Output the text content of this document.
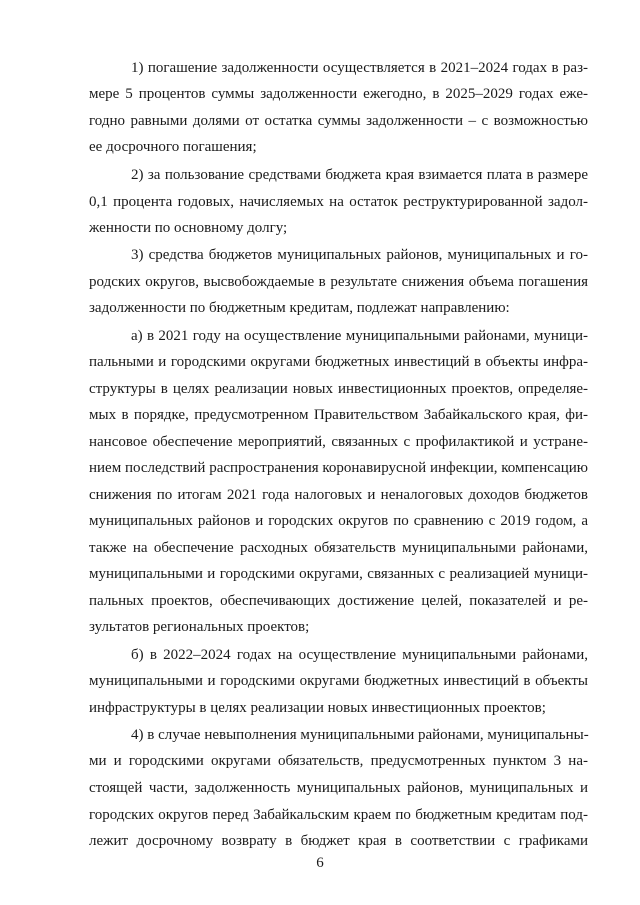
1) погашение задолженности осуществляется в 2021–2024 годах в раз-
мере 5 процентов суммы задолженности ежегодно, в 2025–2029 годах еже-
годно равными долями от остатка суммы задолженности – с возможностью
ее досрочного погашения;
2) за пользование средствами бюджета края взимается плата в размере
0,1 процента годовых, начисляемых на остаток реструктурированной задол-
женности по основному долгу;
3) средства бюджетов муниципальных районов, муниципальных и го-
родских округов, высвобождаемые в результате снижения объема погашения
задолженности по бюджетным кредитам, подлежат направлению:
а) в 2021 году на осуществление муниципальными районами, муници-
пальными и городскими округами бюджетных инвестиций в объекты инфра-
структуры в целях реализации новых инвестиционных проектов, определяе-
мых в порядке, предусмотренном Правительством Забайкальского края, фи-
нансовое обеспечение мероприятий, связанных с профилактикой и устране-
нием последствий распространения коронавирусной инфекции, компенсацию
снижения по итогам 2021 года налоговых и неналоговых доходов бюджетов
муниципальных районов и городских округов по сравнению с 2019 годом, а
также на обеспечение расходных обязательств муниципальными районами,
муниципальными и городскими округами, связанных с реализацией муници-
пальных проектов, обеспечивающих достижение целей, показателей и ре-
зультатов региональных проектов;
б) в 2022–2024 годах на осуществление муниципальными районами,
муниципальными и городскими округами бюджетных инвестиций в объекты
инфраструктуры в целях реализации новых инвестиционных проектов;
4) в случае невыполнения муниципальными районами, муниципальны-
ми и городскими округами обязательств, предусмотренных пунктом 3 на-
стоящей части, задолженность муниципальных районов, муниципальных и
городских округов перед Забайкальским краем по бюджетным кредитам под-
лежит досрочному возврату в бюджет края в соответствии с графиками
6
